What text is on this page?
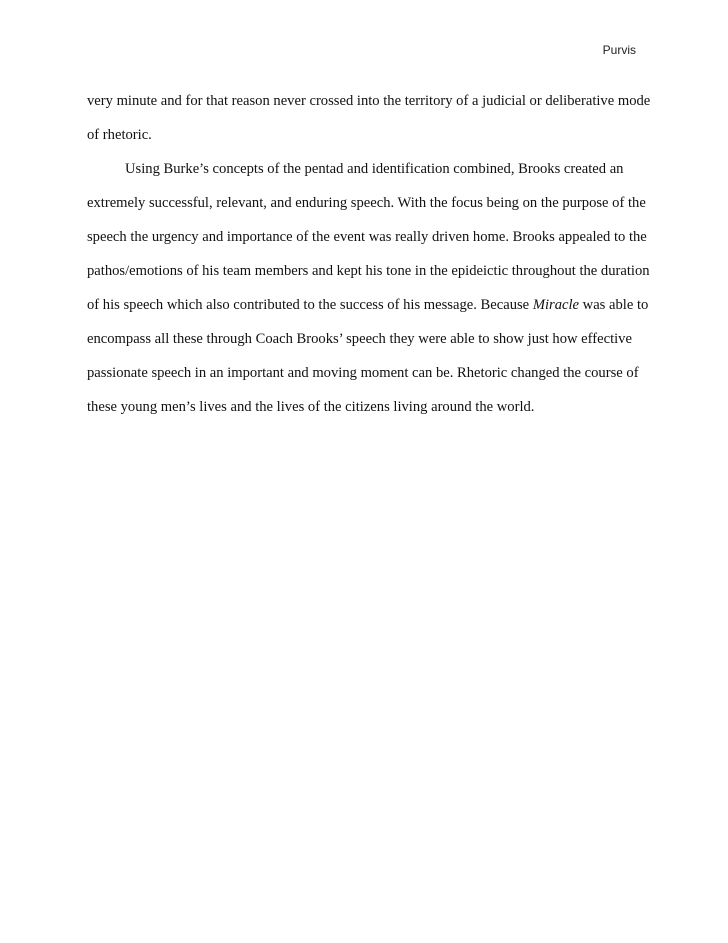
Purvis

very minute and for that reason never crossed into the territory of a judicial or deliberative mode
of rhetoric.

Using Burke’s concepts of the pentad and identification combined, Brooks created an
extremely successful, relevant, and enduring speech. With the focus being on the purpose of the
speech the urgency and importance of the event was really driven home. Brooks appealed to the
pathos/emotions of his team members and kept his tone in the epideictic throughout the duration
of his speech which also contributed to the success of his message. Because Miracle was able to
encompass all these through Coach Brooks’ speech they were able to show just how effective
passionate speech in an important and moving moment can be. Rhetoric changed the course of
these young men’s lives and the lives of the citizens living around the world.
